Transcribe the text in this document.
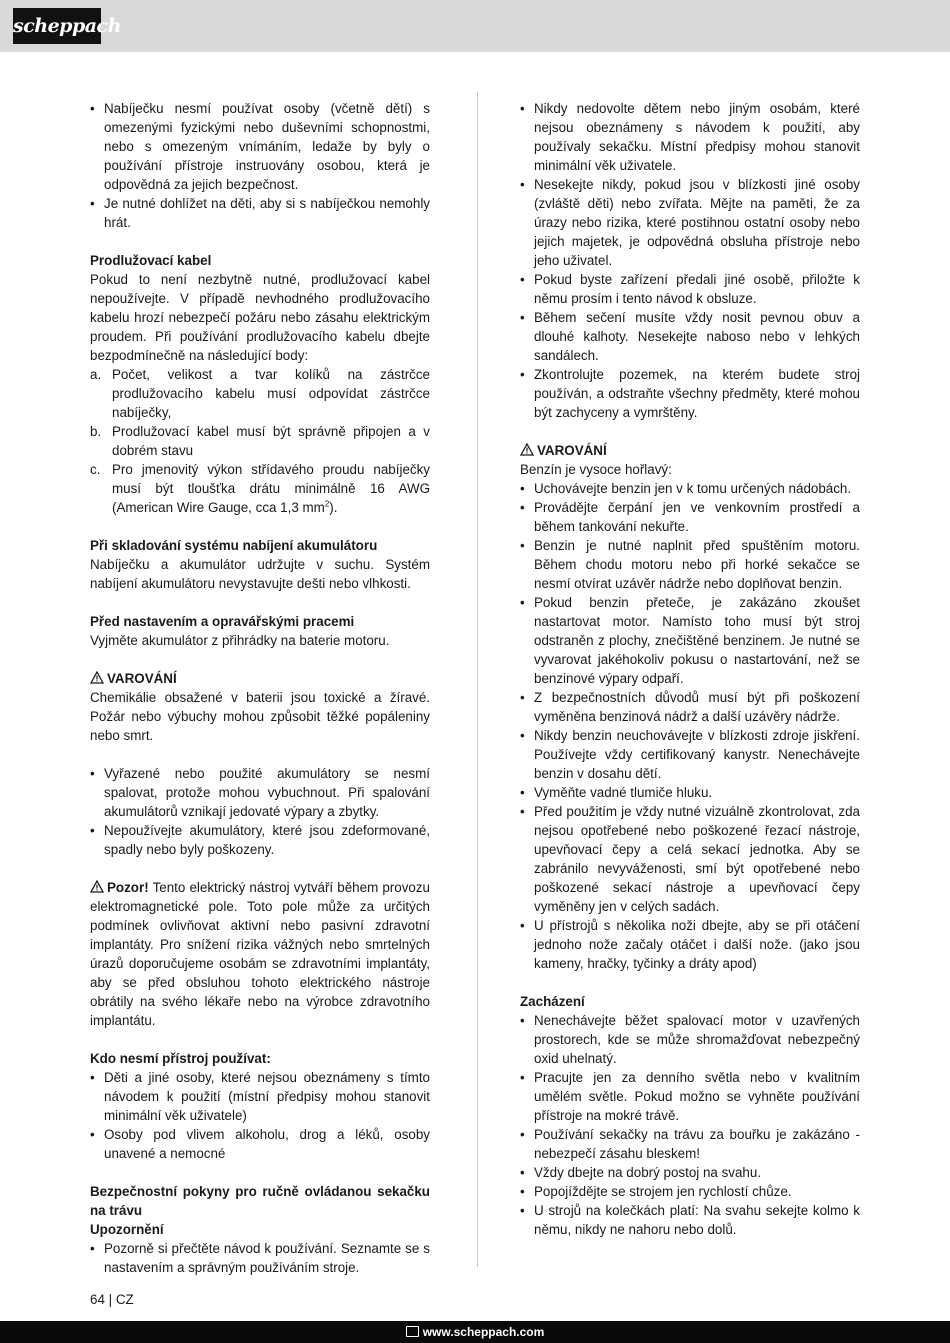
scheppach
• Nabíječku nesmí používat osoby (včetně dětí) s omezenými fyzickými nebo duševními schopnostmi, nebo s omezeným vnímáním, ledaže by byly o používání přístroje instruovány osobou, která je odpovědná za jejich bezpečnost.
• Je nutné dohlížet na děti, aby si s nabíječkou nemohly hrát.

Prodlužovací kabel

Pokud to není nezbytně nutné, prodlužovací kabel nepoužívejte. V případě nevhodného prodlužovacího kabelu hrozí nebezpečí požáru nebo zásahu elektrickým proudem. Při používání prodlužovacího kabelu dbejte bezpodmínečně na následující body:

a. Počet, velikost a tvar kolíků na zástrčce prodlužovacího kabelu musí odpovídat zástrčce nabíječky,
b. Prodlužovací kabel musí být správně připojen a v dobrém stavu
c. Pro jmenovitý výkon střídavého proudu nabíječky musí být tloušťka drátu minimálně 16 AWG (American Wire Gauge, cca 1,3 $mm^2$).

Při skladování systému nabíjení akumulátoru

Nabíječku a akumulátor udržujte v suchu. Systém nabíjení akumulátoru nevystavujte dešti nebo vlhkosti.

Před nastavením a opravářskými pracemi

Vyjměte akumulátor z přihrádky na baterie motoru.

VAROVÁNÍ

Chemikálie obsažené v baterii jsou toxické a žíravé. Požár nebo výbuchy mohou způsobit těžké popáleniny nebo smrt.

• Vyřazené nebo použité akumulátory se nesmí spalovat, protože mohou vybuchnout. Při spalování akumulátorů vznikají jedovaté výpary a zbytky.
• Nepoužívejte akumulátory, které jsou zdeformované, spadly nebo byly poškozeny.

Pozor! Tento elektrický nástroj vytváří během provozu elektromagnetické pole. Toto pole může za určitých podmínek ovlivňovat aktivní nebo pasivní zdravotní implantáty. Pro snížení rizika vážných nebo smrtelných úrazů doporučujeme osobám se zdravotními implantáty, aby se před obsluhou tohoto elektrického nástroje obrátily na svého lékaře nebo na výrobce zdravotního implantátu.

Kdo nesmí přístroj používat:

• Děti a jiné osoby, které nejsou obeznámeny s tímto návodem k použití (místní předpisy mohou stanovit minimální věk uživatele)
• Osoby pod vlivem alkoholu, drog a léků, osoby unavené a nemocné

Bezpečnostní pokyny pro ručně ovládanou sekačku na trávu

Upozornění

• Pozorně si přečtěte návod k používání. Seznamte se s nastavením a správným používáním stroje.
• Nikdy nedovolte dětem nebo jiným osobám, které nejsou obeznámeny s návodem k použití, aby používaly sekačku. Místní předpisy mohou stanovit minimální věk uživatele.
• Nesekejte nikdy, pokud jsou v blízkosti jiné osoby (zvláště děti) nebo zvířata. Mějte na paměti, že za úrazy nebo rizika, které postihnou ostatní osoby nebo jejich majetek, je odpovědná obsluha přístroje nebo jeho uživatel.
• Pokud byste zařízení předali jiné osobě, přiložte k němu prosím i tento návod k obsluze.
• Během sečení musíte vždy nosit pevnou obuv a dlouhé kalhoty. Nesekejte naboso nebo v lehkých sandálech.
• Zkontrolujte pozemek, na kterém budete stroj používán, a odstraňte všechny předměty, které mohou být zachyceny a vymrštěny.

VAROVÁNÍ

Benzín je vysoce hořlavý:

• Uchovávejte benzin jen v k tomu určených nádobách.
• Provádějte čerpání jen ve venkovním prostředí a během tankování nekuřte.
• Benzin je nutné naplnit před spuštěním motoru. Během chodu motoru nebo při horké sekačce se nesmí otvírat uzávěr nádrže nebo doplňovat benzin.
• Pokud benzin přeteče, je zakázáno zkoušet nastartovat motor. Namísto toho musí být stroj odstraněn z plochy, znečištěné benzinem. Je nutné se vyvarovat jakéhokoliv pokusu o nastartování, než se benzinové výpary odpaří.
• Z bezpečnostních důvodů musí být při poškození vyměněna benzinová nádrž a další uzávěry nádrže.
• Nikdy benzin neuchovávejte v blízkosti zdroje jiskření. Používejte vždy certifikovaný kanystr. Nenechávejte benzin v dosahu dětí.
• Vyměňte vadné tlumiče hluku.
• Před použitím je vždy nutné vizuálně zkontrolovat, zda nejsou opotřebené nebo poškozené řezací nástroje, upevňovací čepy a celá sekací jednotka. Aby se zabránilo nevyváženosti, smí být opotřebené nebo poškozené sekací nástroje a upevňovací čepy vyměněny jen v celých sadách.
• U přístrojů s několika noži dbejte, aby se při otáčení jednoho nože začaly otáčet i další nože. (jako jsou kameny, hračky, tyčinky a dráty apod)

Zacházení

• Nenechávejte běžet spalovací motor v uzavřených prostorech, kde se může shromažďovat nebezpečný oxid uhelnatý.
• Pracujte jen za denního světla nebo v kvalitním umělém světle. Pokud možno se vyhněte používání přístroje na mokré trávě.
• Používání sekačky na trávu za bouřku je zakázáno - nebezpečí zásahu bleskem!
• Vždy dbejte na dobrý postoj na svahu.
• Popojíždějte se strojem jen rychlostí chůze.
• U strojů na kolečkách platí: Na svahu sekejte kolmo k němu, nikdy ne nahoru nebo dolů.
64 | CZ
www.scheppach.com
